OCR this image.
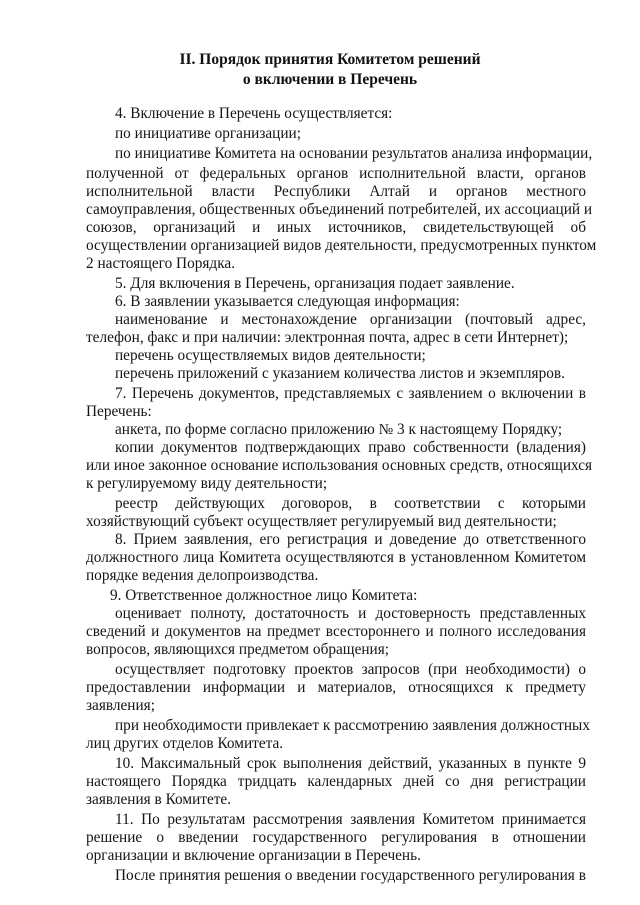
II. Порядок принятия Комитетом решений
о включении в Перечень
4. Включение в Перечень осуществляется:
по инициативе организации;
по инициативе Комитета на основании результатов анализа информации,
полученной от федеральных органов исполнительной власти, органов
исполнительной власти Республики Алтай и органов местного
самоуправления, общественных объединений потребителей, их ассоциаций и
союзов, организаций и иных источников, свидетельствующей об
осуществлении организацией видов деятельности, предусмотренных пунктом
2 настоящего Порядка.
5. Для включения в Перечень, организация подает заявление.
6. В заявлении указывается следующая информация:
наименование и местонахождение организации (почтовый адрес,
телефон, факс и при наличии: электронная почта, адрес в сети Интернет);
перечень осуществляемых видов деятельности;
перечень приложений с указанием количества листов и экземпляров.
7. Перечень документов, представляемых с заявлением о включении в
Перечень:
анкета, по форме согласно приложению № 3 к настоящему Порядку;
копии документов подтверждающих право собственности (владения)
или иное законное основание использования основных средств, относящихся
к регулируемому виду деятельности;
реестр действующих договоров, в соответствии с которыми
хозяйствующий субъект осуществляет регулируемый вид деятельности;
8. Прием заявления, его регистрация и доведение до ответственного
должностного лица Комитета осуществляются в установленном Комитетом
порядке ведения делопроизводства.
9. Ответственное должностное лицо Комитета:
оценивает полноту, достаточность и достоверность представленных
сведений и документов на предмет всестороннего и полного исследования
вопросов, являющихся предметом обращения;
осуществляет подготовку проектов запросов (при необходимости) о
предоставлении информации и материалов, относящихся к предмету
заявления;
при необходимости привлекает к рассмотрению заявления должностных
лиц других отделов Комитета.
10. Максимальный срок выполнения действий, указанных в пункте 9
настоящего Порядка тридцать календарных дней со дня регистрации
заявления в Комитете.
11. По результатам рассмотрения заявления Комитетом принимается
решение о введении государственного регулирования в отношении
организации и включение организации в Перечень.
После принятия решения о введении государственного регулирования в
